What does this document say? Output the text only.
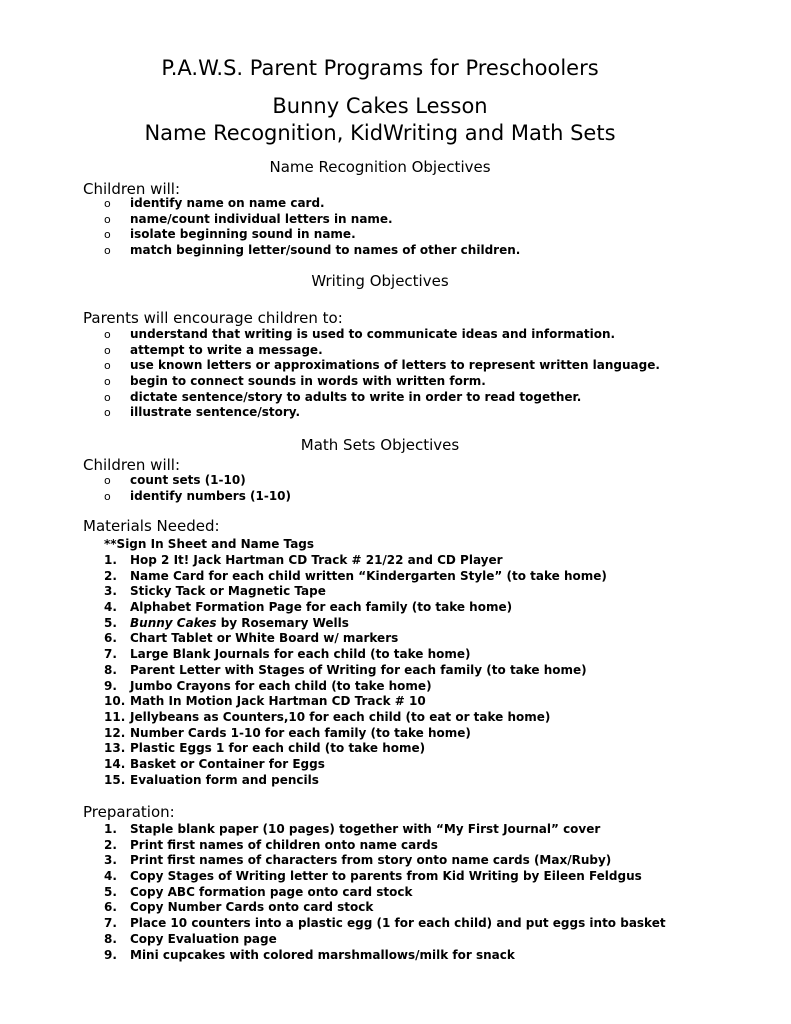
P.A.W.S. Parent Programs for Preschoolers
Bunny Cakes Lesson
Name Recognition, KidWriting and Math Sets
Name Recognition Objectives
Children will:
o identify name on name card.
o name/count individual letters in name.
o isolate beginning sound in name.
o match beginning letter/sound to names of other children.
Writing Objectives
Parents will encourage children to:
o understand that writing is used to communicate ideas and information.
o attempt to write a message.
o use known letters or approximations of letters to represent written language.
o begin to connect sounds in words with written form.
o dictate sentence/story to adults to write in order to read together.
o illustrate sentence/story.
Math Sets Objectives
Children will:
o count sets (1-10)
o identify numbers (1-10)
Materials Needed:
**Sign In Sheet and Name Tags
1. Hop 2 It! Jack Hartman CD Track # 21/22 and CD Player
2. Name Card for each child written “Kindergarten Style” (to take home)
3. Sticky Tack or Magnetic Tape
4. Alphabet Formation Page for each family (to take home)
5. Bunny Cakes by Rosemary Wells
6. Chart Tablet or White Board w/ markers
7. Large Blank Journals for each child (to take home)
8. Parent Letter with Stages of Writing for each family (to take home)
9. Jumbo Crayons for each child (to take home)
10. Math In Motion Jack Hartman CD Track # 10
11. Jellybeans as Counters,10 for each child (to eat or take home)
12. Number Cards 1-10 for each family (to take home)
13. Plastic Eggs 1 for each child (to take home)
14. Basket or Container for Eggs
15. Evaluation form and pencils
Preparation:
1. Staple blank paper (10 pages) together with “My First Journal” cover
2. Print first names of children onto name cards
3. Print first names of characters from story onto name cards (Max/Ruby)
4. Copy Stages of Writing letter to parents from Kid Writing by Eileen Feldgus
5. Copy ABC formation page onto card stock
6. Copy Number Cards onto card stock
7. Place 10 counters into a plastic egg (1 for each child) and put eggs into basket
8. Copy Evaluation page
9. Mini cupcakes with colored marshmallows/milk for snack
